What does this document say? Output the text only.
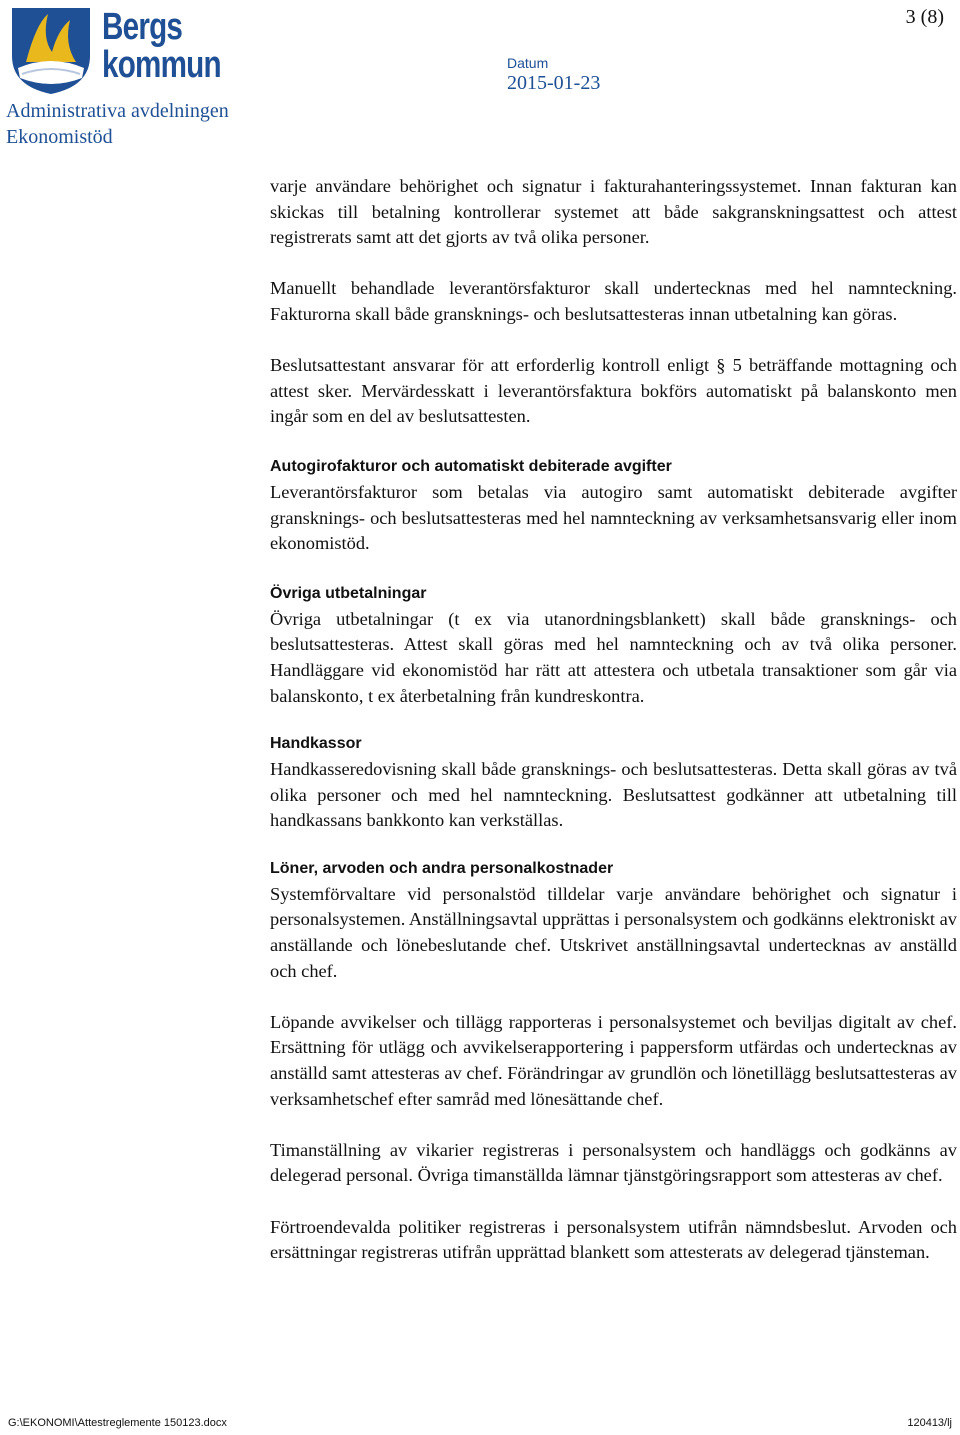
Bergs
kommun
Administrativa avdelningen
Ekonomistöd
Datum
2015-01-23
3 (8)

varje användare behörighet och signatur i fakturahanteringssystemet. Innan fakturan kan skickas till betalning kontrollerar systemet att både sakgranskningsattest och attest registrerats samt att det gjorts av två olika personer.

Manuellt behandlade leverantörsfakturor skall undertecknas med hel namnteckning. Fakturorna skall både gransknings- och beslutsattesteras innan utbetalning kan göras.

Beslutsattestant ansvarar för att erforderlig kontroll enligt § 5 beträffande mottagning och attest sker. Mervärdesskatt i leverantörsfaktura bokförs automatiskt på balanskonto men ingår som en del av beslutsattesten.

Autogirofakturor och automatiskt debiterade avgifter

Leverantörsfakturor som betalas via autogiro samt automatiskt debiterade avgifter gransknings- och beslutsattesteras med hel namnteckning av verksamhetsansvarig eller inom ekonomistöd.

Övriga utbetalningar

Övriga utbetalningar (t ex via utanordningsblankett) skall både gransknings- och beslutsattesteras. Attest skall göras med hel namnteckning och av två olika personer. Handläggare vid ekonomistöd har rätt att attestera och utbetala transaktioner som går via balanskonto, t ex återbetalning från kundreskontra.

Handkassor

Handkasseredovisning skall både gransknings- och beslutsattesteras. Detta skall göras av två olika personer och med hel namnteckning. Beslutsattest godkänner att utbetalning till handkassans bankkonto kan verkställas.

Löner, arvoden och andra personalkostnader

Systemförvaltare vid personalstöd tilldelar varje användare behörighet och signatur i personalsystemen. Anställningsavtal upprättas i personalsystem och godkänns elektroniskt av anställande och lönebeslutande chef. Utskrivet anställningsavtal undertecknas av anställd och chef.

Löpande avvikelser och tillägg rapporteras i personalsystemet och beviljas digitalt av chef. Ersättning för utlägg och avvikelserapportering i pappersform utfärdas och undertecknas av anställd samt attesteras av chef. Förändringar av grundlön och lönetillägg beslutsattesteras av verksamhetschef efter samråd med lönesättande chef.

Timanställning av vikarier registreras i personalsystem och handläggs och godkänns av delegerad personal. Övriga timanställda lämnar tjänstgöringsrapport som attesteras av chef.

Förtroendevalda politiker registreras i personalsystem utifrån nämndsbeslut. Arvoden och ersättningar registreras utifrån upprättad blankett som attesterats av delegerad tjänsteman.

G:\EKONOMI\Attestreglemente 150123.docx	120413/lj
